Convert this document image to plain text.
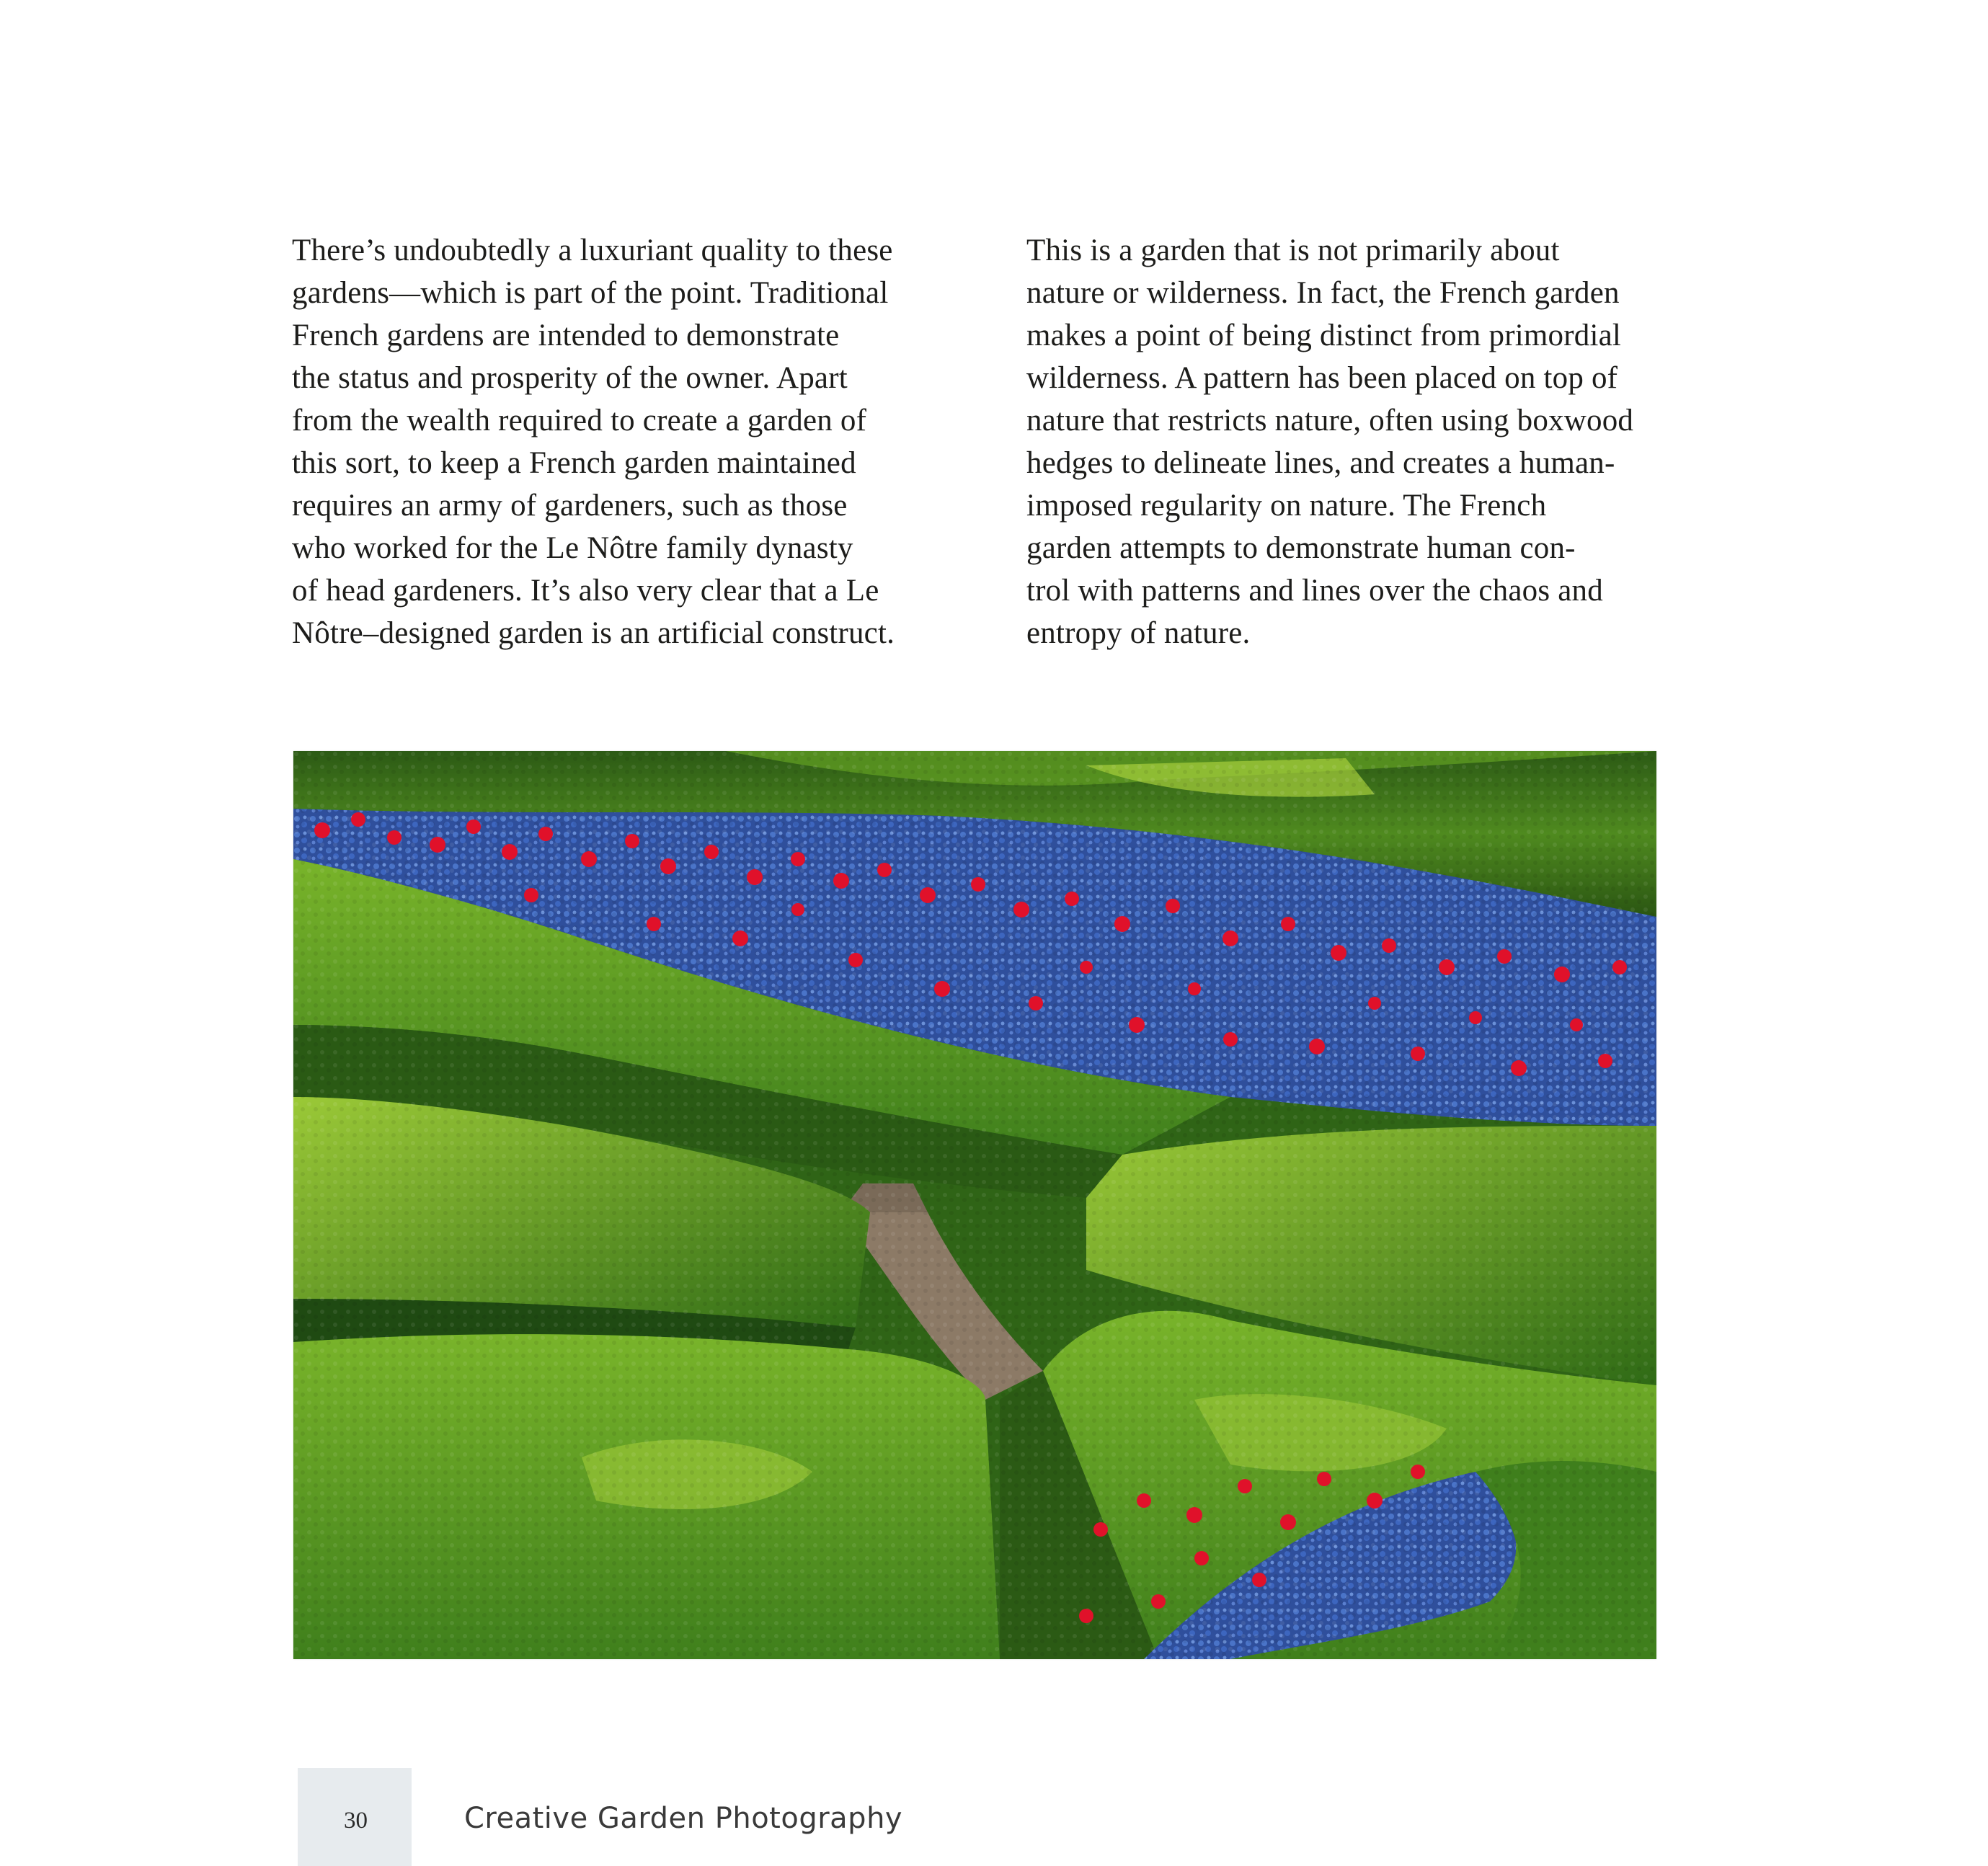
There’s undoubtedly a luxuriant quality to these
gardens—which is part of the point. Traditional
French gardens are intended to demonstrate
the status and prosperity of the owner. Apart
from the wealth required to create a garden of
this sort, to keep a French garden maintained
requires an army of gardeners, such as those
who worked for the Le Nôtre family dynasty
of head gardeners. It’s also very clear that a Le
Nôtre–designed garden is an artificial construct.
This is a garden that is not primarily about
nature or wilderness. In fact, the French garden
makes a point of being distinct from primordial
wilderness. A pattern has been placed on top of
nature that restricts nature, often using boxwood
hedges to delineate lines, and creates a human-
imposed regularity on nature. The French
garden attempts to demonstrate human con-
trol with patterns and lines over the chaos and
entropy of nature.
30	Creative Garden Photography
